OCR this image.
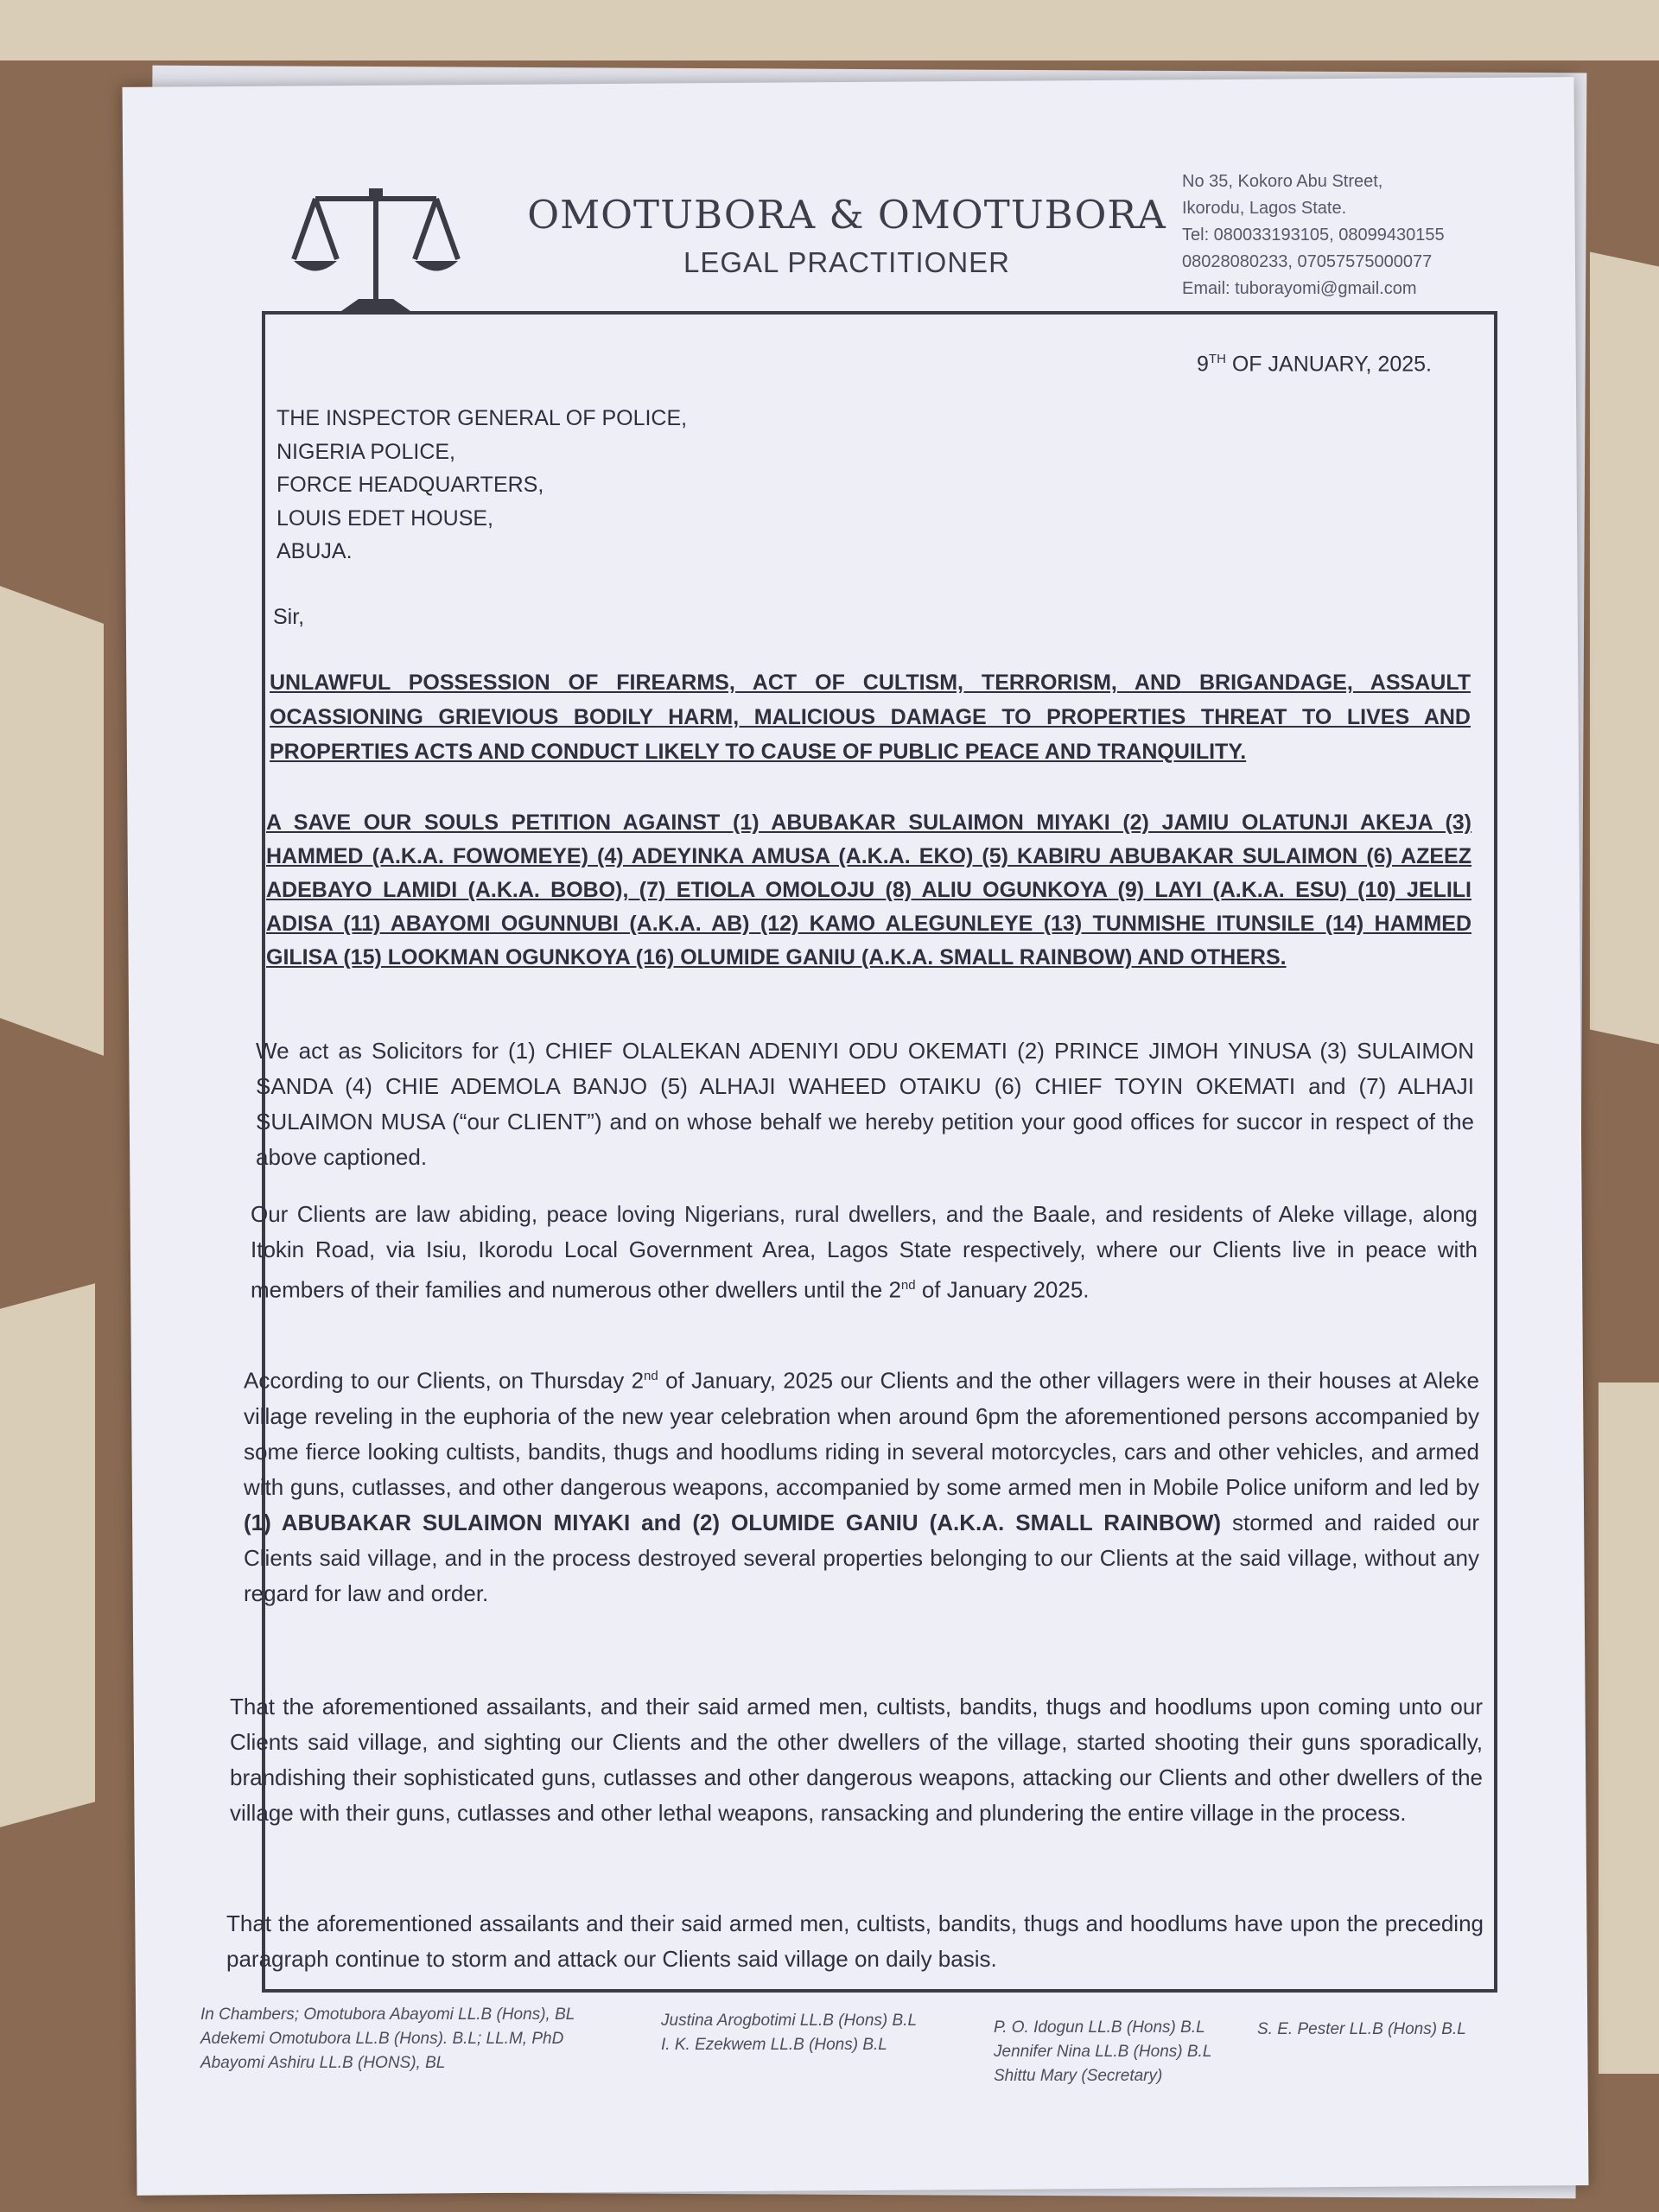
OMOTUBORA & OMOTUBORA
LEGAL PRACTITIONER
No 35, Kokoro Abu Street,
Ikorodu, Lagos State.
Tel: 080033193105, 08099430155
08028080233, 07057575000077
Email: tuborayomi@gmail.com
9TH OF JANUARY, 2025.
THE INSPECTOR GENERAL OF POLICE,
NIGERIA POLICE,
FORCE HEADQUARTERS,
LOUIS EDET HOUSE,
ABUJA.
Sir,
UNLAWFUL POSSESSION OF FIREARMS, ACT OF CULTISM, TERRORISM, AND BRIGANDAGE, ASSAULT OCASSIONING GRIEVIOUS BODILY HARM, MALICIOUS DAMAGE TO PROPERTIES THREAT TO LIVES AND PROPERTIES ACTS AND CONDUCT LIKELY TO CAUSE OF PUBLIC PEACE AND TRANQUILITY.
A SAVE OUR SOULS PETITION AGAINST (1) ABUBAKAR SULAIMON MIYAKI (2) JAMIU OLATUNJI AKEJA (3) HAMMED (A.K.A. FOWOMEYE) (4) ADEYINKA AMUSA (A.K.A. EKO) (5) KABIRU ABUBAKAR SULAIMON (6) AZEEZ ADEBAYO LAMIDI (A.K.A. BOBO), (7) ETIOLA OMOLOJU (8) ALIU OGUNKOYA (9) LAYI (A.K.A. ESU) (10) JELILI ADISA (11) ABAYOMI OGUNNUBI (A.K.A. AB) (12) KAMO ALEGUNLEYE (13) TUNMISHE ITUNSILE (14) HAMMED GILISA (15) LOOKMAN OGUNKOYA (16) OLUMIDE GANIU (A.K.A. SMALL RAINBOW) AND OTHERS.
We act as Solicitors for (1) CHIEF OLALEKAN ADENIYI ODU OKEMATI (2) PRINCE JIMOH YINUSA (3) SULAIMON SANDA (4) CHIE ADEMOLA BANJO (5) ALHAJI WAHEED OTAIKU (6) CHIEF TOYIN OKEMATI and (7) ALHAJI SULAIMON MUSA (“our CLIENT”) and on whose behalf we hereby petition your good offices for succor in respect of the above captioned.
Our Clients are law abiding, peace loving Nigerians, rural dwellers, and the Baale, and residents of Aleke village, along Itokin Road, via Isiu, Ikorodu Local Government Area, Lagos State respectively, where our Clients live in peace with members of their families and numerous other dwellers until the 2nd of January 2025.
According to our Clients, on Thursday 2nd of January, 2025 our Clients and the other villagers were in their houses at Aleke village reveling in the euphoria of the new year celebration when around 6pm the aforementioned persons accompanied by some fierce looking cultists, bandits, thugs and hoodlums riding in several motorcycles, cars and other vehicles, and armed with guns, cutlasses, and other dangerous weapons, accompanied by some armed men in Mobile Police uniform and led by (1) ABUBAKAR SULAIMON MIYAKI and (2) OLUMIDE GANIU (A.K.A. SMALL RAINBOW) stormed and raided our Clients said village, and in the process destroyed several properties belonging to our Clients at the said village, without any regard for law and order.
That the aforementioned assailants, and their said armed men, cultists, bandits, thugs and hoodlums upon coming unto our Clients said village, and sighting our Clients and the other dwellers of the village, started shooting their guns sporadically, brandishing their sophisticated guns, cutlasses and other dangerous weapons, attacking our Clients and other dwellers of the village with their guns, cutlasses and other lethal weapons, ransacking and plundering the entire village in the process.
That the aforementioned assailants and their said armed men, cultists, bandits, thugs and hoodlums have upon the preceding paragraph continue to storm and attack our Clients said village on daily basis.
In Chambers; Omotubora Abayomi LL.B (Hons), BL
Adekemi Omotubora LL.B (Hons). B.L; LL.M, PhD
Abayomi Ashiru LL.B (HONS), BL
Justina Arogbotimi LL.B (Hons) B.L
I. K. Ezekwem LL.B (Hons) B.L
P. O. Idogun LL.B (Hons) B.L
Jennifer Nina LL.B (Hons) B.L
Shittu Mary (Secretary)
S. E. Pester LL.B (Hons) B.L
